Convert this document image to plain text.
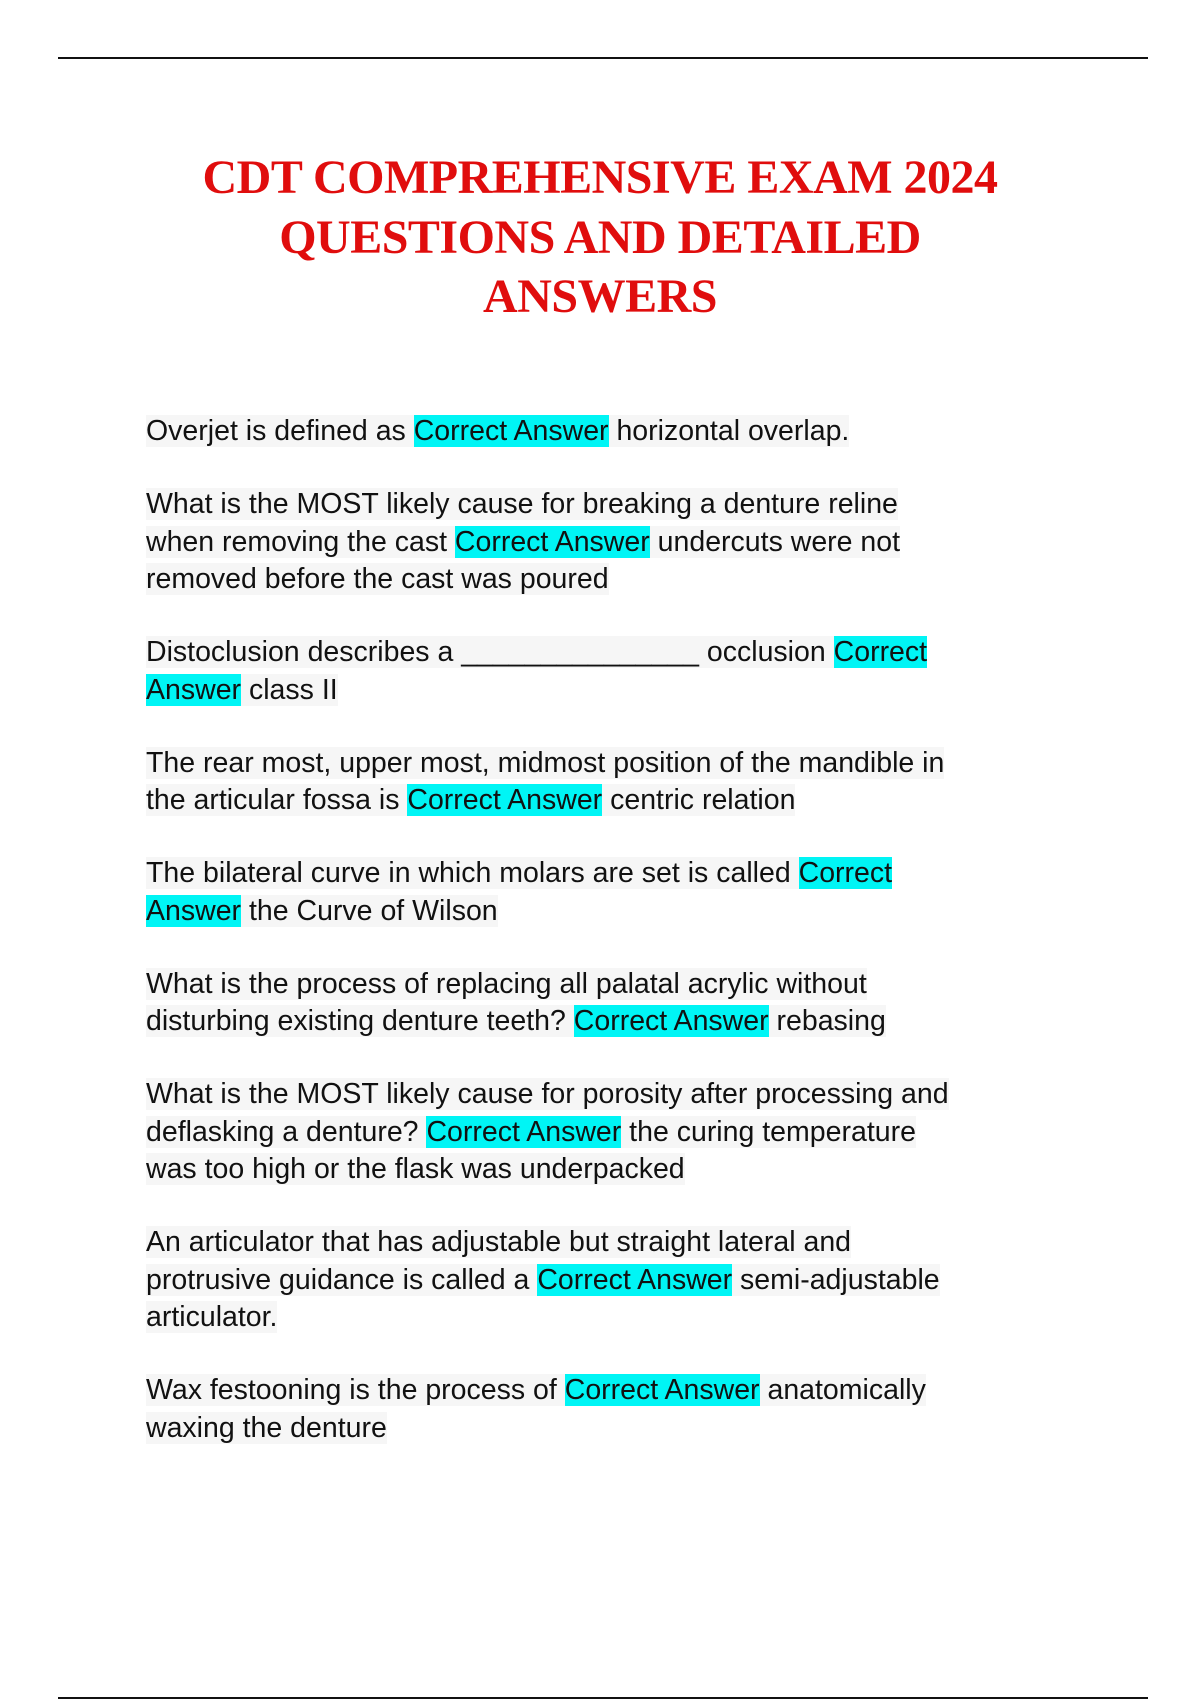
CDT COMPREHENSIVE EXAM 2024
QUESTIONS AND DETAILED
ANSWERS
Overjet is defined as Correct Answer horizontal overlap.
What is the MOST likely cause for breaking a denture reline
when removing the cast Correct Answer undercuts were not
removed before the cast was poured
Distoclusion describes a _______________ occlusion Correct
Answer class II
The rear most, upper most, midmost position of the mandible in
the articular fossa is Correct Answer centric relation
The bilateral curve in which molars are set is called Correct
Answer the Curve of Wilson
What is the process of replacing all palatal acrylic without
disturbing existing denture teeth? Correct Answer rebasing
What is the MOST likely cause for porosity after processing and
deflasking a denture? Correct Answer the curing temperature
was too high or the flask was underpacked
An articulator that has adjustable but straight lateral and
protrusive guidance is called a Correct Answer semi-adjustable
articulator.
Wax festooning is the process of Correct Answer anatomically
waxing the denture
